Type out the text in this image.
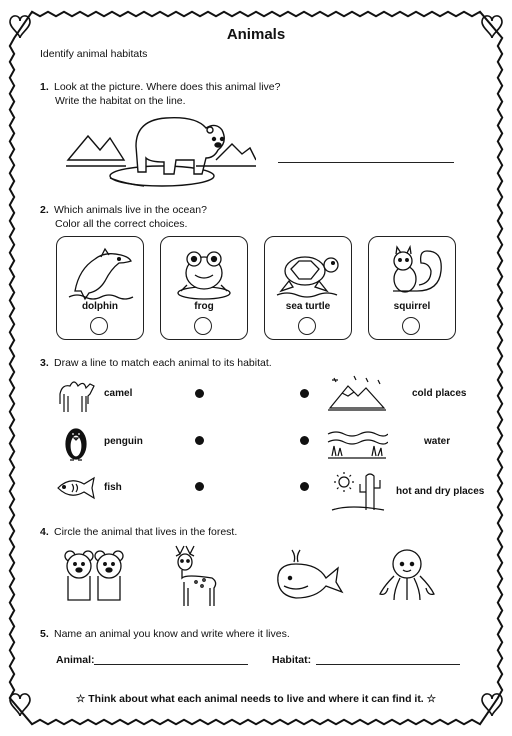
Animals
Identify animal habitats
1. Look at the picture. Where does this animal live?
Write the habitat on the line.
2. Which animals live in the ocean?
Color all the correct choices.
dolphin	frog	sea turtle	squirrel
3. Draw a line to match each animal to its habitat.
camel	cold places
penguin	water
fish	hot and dry places
4. Circle the animal that lives in the forest.
5. Name an animal you know and write where it lives.
Animal:	Habitat:
☆ Think about what each animal needs to live and where it can find it. ☆
